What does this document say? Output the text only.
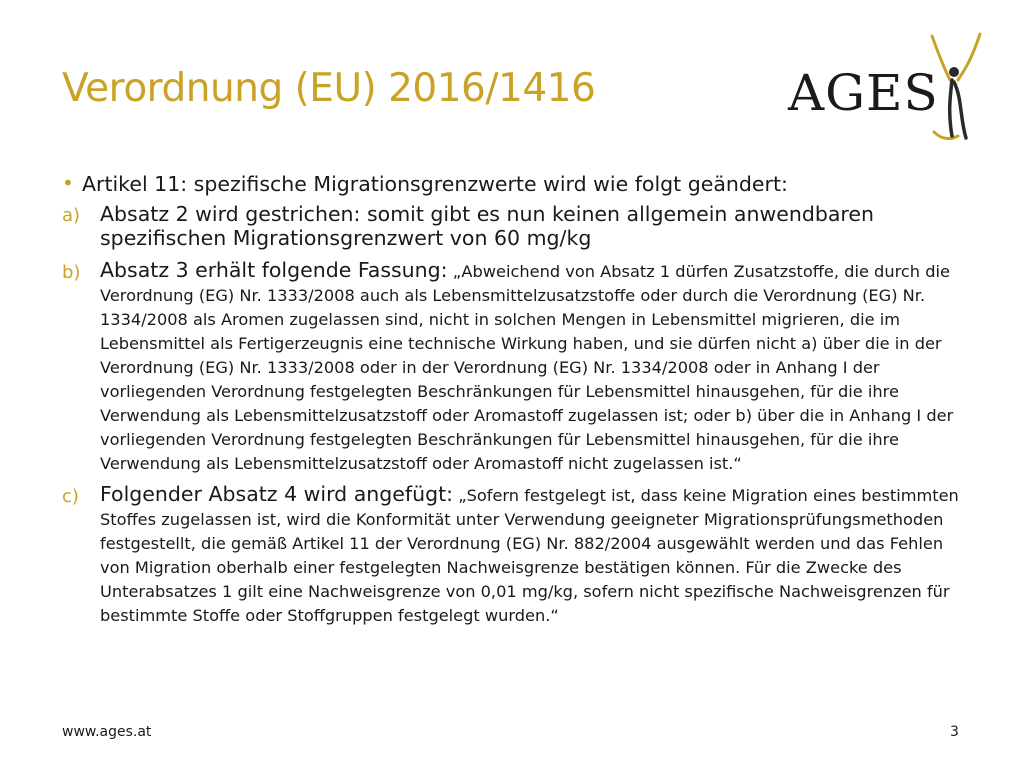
Verordnung (EU) 2016/1416	AGES
• Artikel 11: spezifische Migrationsgrenzwerte wird wie folgt geändert:
a) Absatz 2 wird gestrichen: somit gibt es nun keinen allgemein anwendbaren spezifischen Migrationsgrenzwert von 60 mg/kg
b) Absatz 3 erhält folgende Fassung: „Abweichend von Absatz 1 dürfen Zusatzstoffe, die durch die Verordnung (EG) Nr. 1333/2008 auch als Lebensmittelzusatzstoffe oder durch die Verordnung (EG) Nr. 1334/2008 als Aromen zugelassen sind, nicht in solchen Mengen in Lebensmittel migrieren, die im Lebensmittel als Fertigerzeugnis eine technische Wirkung haben, und sie dürfen nicht a) über die in der Verordnung (EG) Nr. 1333/2008 oder in der Verordnung (EG) Nr. 1334/2008 oder in Anhang I der vorliegenden Verordnung festgelegten Beschränkungen für Lebensmittel hinausgehen, für die ihre Verwendung als Lebensmittelzusatzstoff oder Aromastoff zugelassen ist; oder b) über die in Anhang I der vorliegenden Verordnung festgelegten Beschränkungen für Lebensmittel hinausgehen, für die ihre Verwendung als Lebensmittelzusatzstoff oder Aromastoff nicht zugelassen ist.“
c) Folgender Absatz 4 wird angefügt: „Sofern festgelegt ist, dass keine Migration eines bestimmten Stoffes zugelassen ist, wird die Konformität unter Verwendung geeigneter Migrationsprüfungsmethoden festgestellt, die gemäß Artikel 11 der Verordnung (EG) Nr. 882/2004 ausgewählt werden und das Fehlen von Migration oberhalb einer festgelegten Nachweisgrenze bestätigen können. Für die Zwecke des Unterabsatzes 1 gilt eine Nachweisgrenze von 0,01 mg/kg, sofern nicht spezifische Nachweisgrenzen für bestimmte Stoffe oder Stoffgruppen festgelegt wurden.“
www.ages.at	3
